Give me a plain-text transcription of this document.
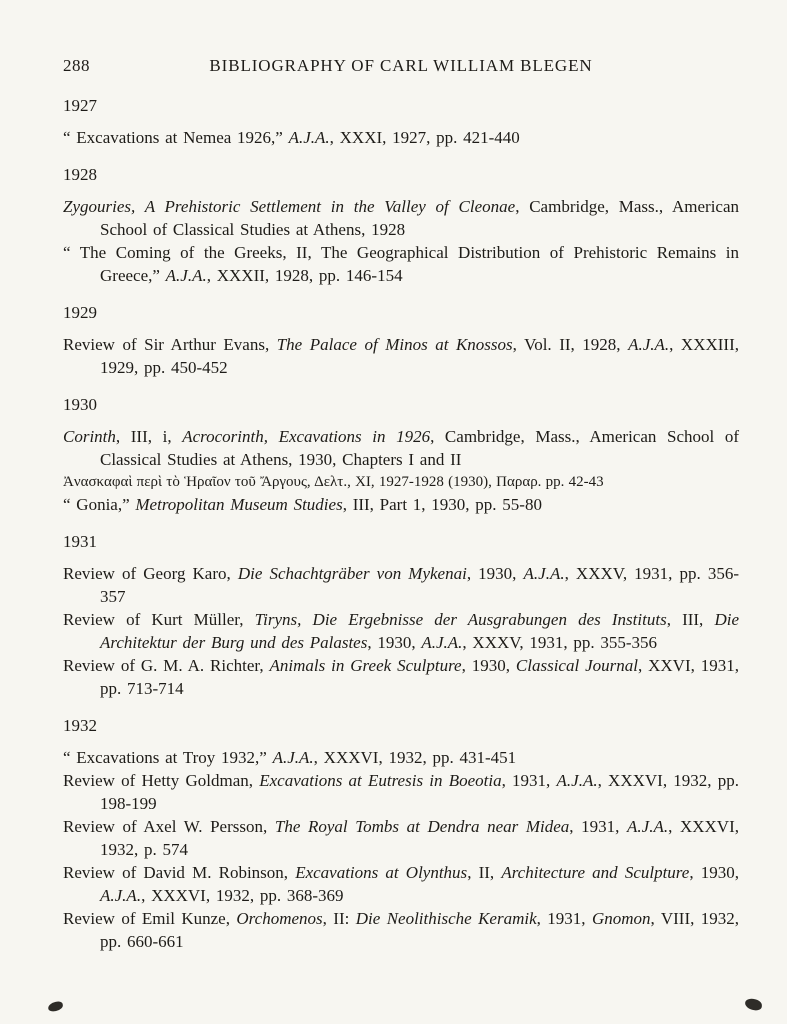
288	BIBLIOGRAPHY OF CARL WILLIAM BLEGEN
1927

“ Excavations at Nemea 1926,” A.J.A., XXXI, 1927, pp. 421-440

1928

Zygouries, A Prehistoric Settlement in the Valley of Cleonae, Cambridge, Mass., American School of Classical Studies at Athens, 1928

“ The Coming of the Greeks, II, The Geographical Distribution of Prehistoric Remains in Greece,” A.J.A., XXXII, 1928, pp. 146-154

1929

Review of Sir Arthur Evans, The Palace of Minos at Knossos, Vol. II, 1928, A.J.A., XXXIII, 1929, pp. 450-452

1930

Corinth, III, i, Acrocorinth, Excavations in 1926, Cambridge, Mass., American School of Classical Studies at Athens, 1930, Chapters I and II

Ἀνασκαφαὶ περὶ τὸ Ἡραῖον τοῦ Ἄργους, Δελτ., XI, 1927-1928 (1930), Παραρ. pp. 42-43

“ Gonia,” Metropolitan Museum Studies, III, Part 1, 1930, pp. 55-80

1931

Review of Georg Karo, Die Schachtgräber von Mykenai, 1930, A.J.A., XXXV, 1931, pp. 356-357

Review of Kurt Müller, Tiryns, Die Ergebnisse der Ausgrabungen des Instituts, III, Die Architektur der Burg und des Palastes, 1930, A.J.A., XXXV, 1931, pp. 355-356

Review of G. M. A. Richter, Animals in Greek Sculpture, 1930, Classical Journal, XXVI, 1931, pp. 713-714

1932

“ Excavations at Troy 1932,” A.J.A., XXXVI, 1932, pp. 431-451

Review of Hetty Goldman, Excavations at Eutresis in Boeotia, 1931, A.J.A., XXXVI, 1932, pp. 198-199

Review of Axel W. Persson, The Royal Tombs at Dendra near Midea, 1931, A.J.A., XXXVI, 1932, p. 574

Review of David M. Robinson, Excavations at Olynthus, II, Architecture and Sculpture, 1930, A.J.A., XXXVI, 1932, pp. 368-369

Review of Emil Kunze, Orchomenos, II: Die Neolithische Keramik, 1931, Gnomon, VIII, 1932, pp. 660-661
